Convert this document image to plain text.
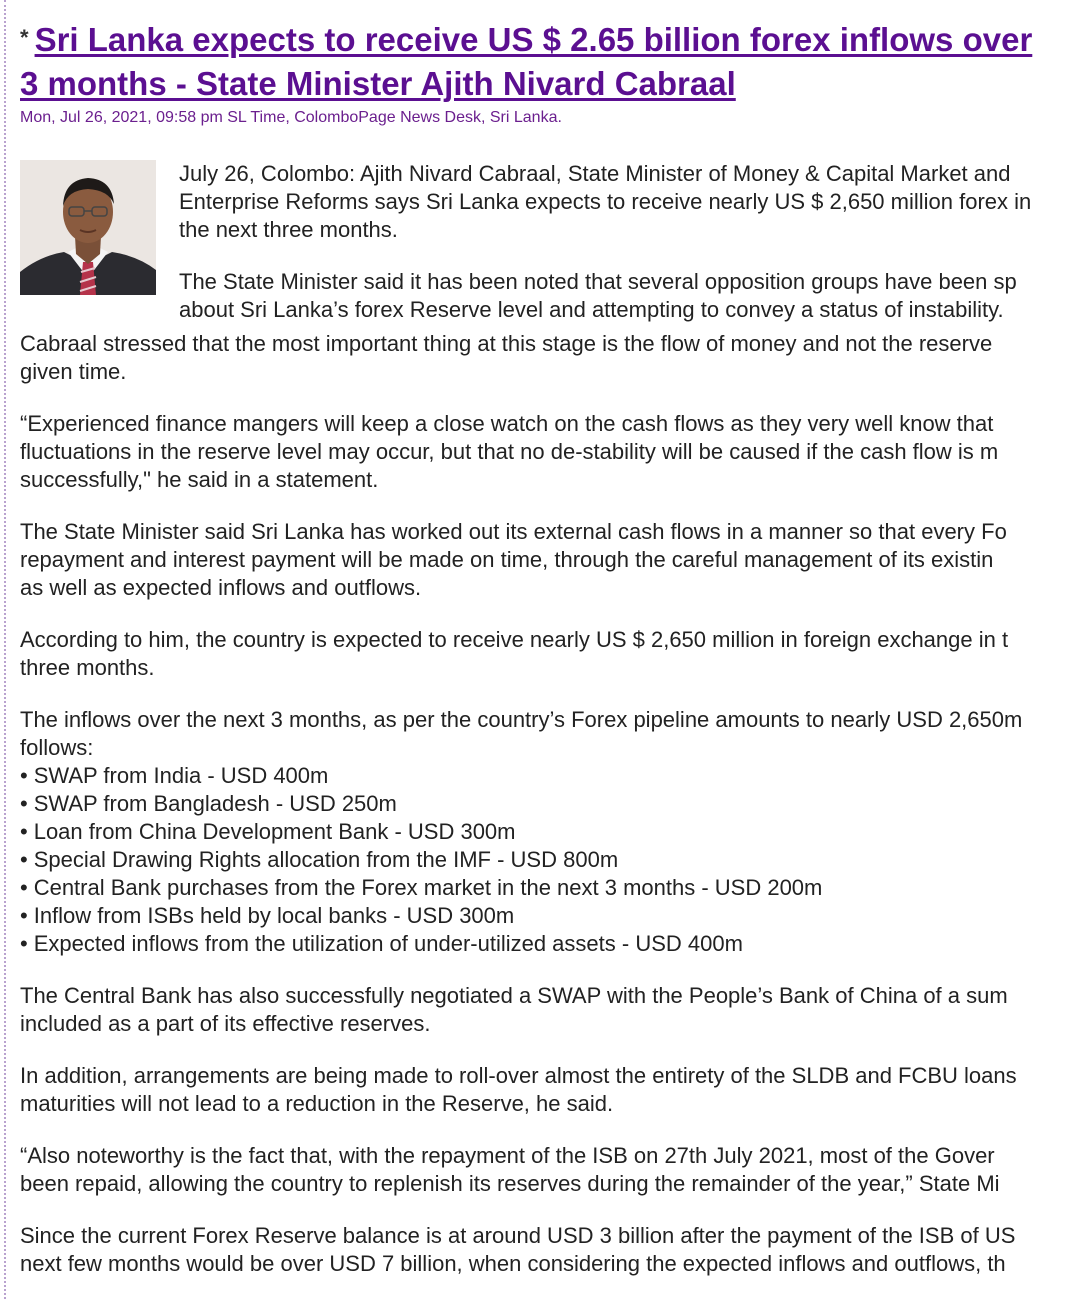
* Sri Lanka expects to receive US $ 2.65 billion forex inflows over
3 months - State Minister Ajith Nivard Cabraal
Mon, Jul 26, 2021, 09:58 pm SL Time, ColomboPage News Desk, Sri Lanka.

July 26, Colombo: Ajith Nivard Cabraal, State Minister of Money & Capital Market and
Enterprise Reforms says Sri Lanka expects to receive nearly US $ 2,650 million forex in
the next three months.

The State Minister said it has been noted that several opposition groups have been sp
about Sri Lanka’s forex Reserve level and attempting to convey a status of instability.

Cabraal stressed that the most important thing at this stage is the flow of money and not the reserve
given time.

“Experienced finance mangers will keep a close watch on the cash flows as they very well know that
fluctuations in the reserve level may occur, but that no de-stability will be caused if the cash flow is m
successfully," he said in a statement.

The State Minister said Sri Lanka has worked out its external cash flows in a manner so that every Fo
repayment and interest payment will be made on time, through the careful management of its existin
as well as expected inflows and outflows.

According to him, the country is expected to receive nearly US $ 2,650 million in foreign exchange in t
three months.

The inflows over the next 3 months, as per the country’s Forex pipeline amounts to nearly USD 2,650m
follows:

• SWAP from India - USD 400m
• SWAP from Bangladesh - USD 250m
• Loan from China Development Bank - USD 300m
• Special Drawing Rights allocation from the IMF - USD 800m
• Central Bank purchases from the Forex market in the next 3 months - USD 200m
• Inflow from ISBs held by local banks - USD 300m
• Expected inflows from the utilization of under-utilized assets - USD 400m

The Central Bank has also successfully negotiated a SWAP with the People’s Bank of China of a sum
included as a part of its effective reserves.

In addition, arrangements are being made to roll-over almost the entirety of the SLDB and FCBU loans
maturities will not lead to a reduction in the Reserve, he said.

“Also noteworthy is the fact that, with the repayment of the ISB on 27th July 2021, most of the Gover
been repaid, allowing the country to replenish its reserves during the remainder of the year,” State Mi

Since the current Forex Reserve balance is at around USD 3 billion after the payment of the ISB of US
next few months would be over USD 7 billion, when considering the expected inflows and outflows, th
